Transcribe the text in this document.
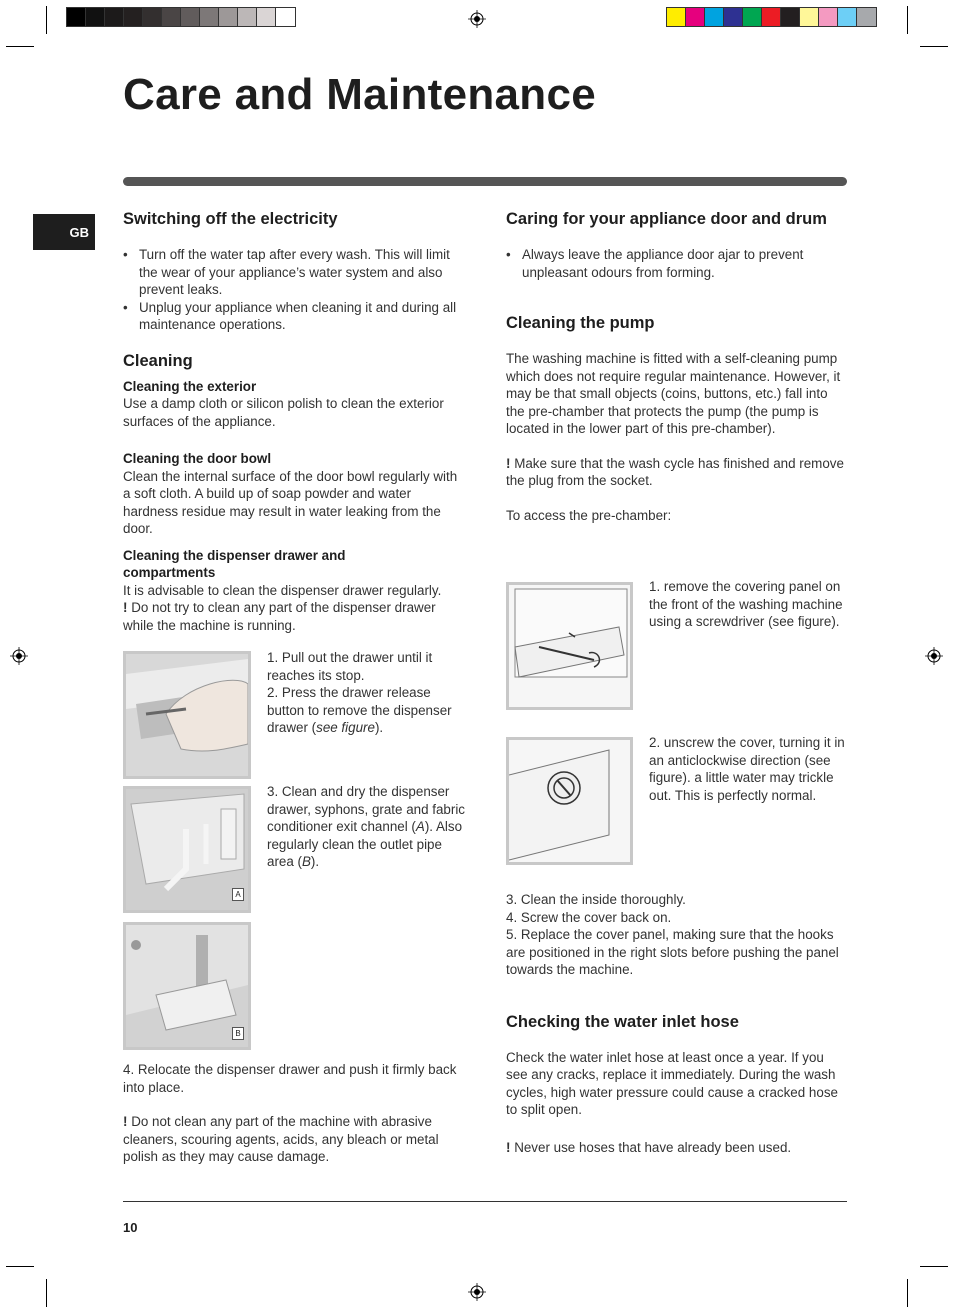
Care and Maintenance
GB
Switching off the electricity
• Turn off the water tap after every wash. This will limit the wear of your appliance’s water system and also prevent leaks.
• Unplug your appliance when cleaning it and during all maintenance operations.
Cleaning
Cleaning the exterior

Use a damp cloth or silicon polish to clean the exterior surfaces of the appliance.

Cleaning the door bowl

Clean the internal surface of the door bowl regularly with a soft cloth. A build up of soap powder and water hardness residue may result in water leaking from the door.

Cleaning the dispenser drawer and compartments

It is advisable to clean the dispenser drawer regularly.

! Do not try to clean any part of the dispenser drawer while the machine is running.

A
B

1. Pull out the drawer until it reaches its stop.

2. Press the drawer release button to remove the dispenser drawer (see figure).

3. Clean and dry the dispenser drawer, syphons, grate and fabric conditioner exit channel (A). Also regularly clean the outlet pipe area (B).

4. Relocate the dispenser drawer and push it firmly back into place.

! Do not clean any part of the machine with abrasive cleaners, scouring agents, acids, any bleach or metal polish as they may cause damage.

Caring for your appliance door and drum
• Always leave the appliance door ajar to prevent unpleasant odours from forming.
Cleaning the pump

The washing machine is fitted with a self-cleaning pump which does not require regular maintenance. However, it may be that small objects (coins, buttons, etc.) fall into the pre-chamber that protects the pump (the pump is located in the lower part of this pre-chamber).

! Make sure that the wash cycle has finished and remove the plug from the socket.

To access the pre-chamber:

1. remove the covering panel on the front of the washing machine using a screwdriver (see figure).

2. unscrew the cover, turning it in an anticlockwise direction (see figure). a little water may trickle out. This is perfectly normal.

3. Clean the inside thoroughly.

4. Screw the cover back on.

5. Replace the cover panel, making sure that the hooks are positioned in the right slots before pushing the panel towards the machine.

Checking the water inlet hose

Check the water inlet hose at least once a year. If you see any cracks, replace it immediately. During the wash cycles, high water pressure could cause a cracked hose to split open.

! Never use hoses that have already been used.

10
